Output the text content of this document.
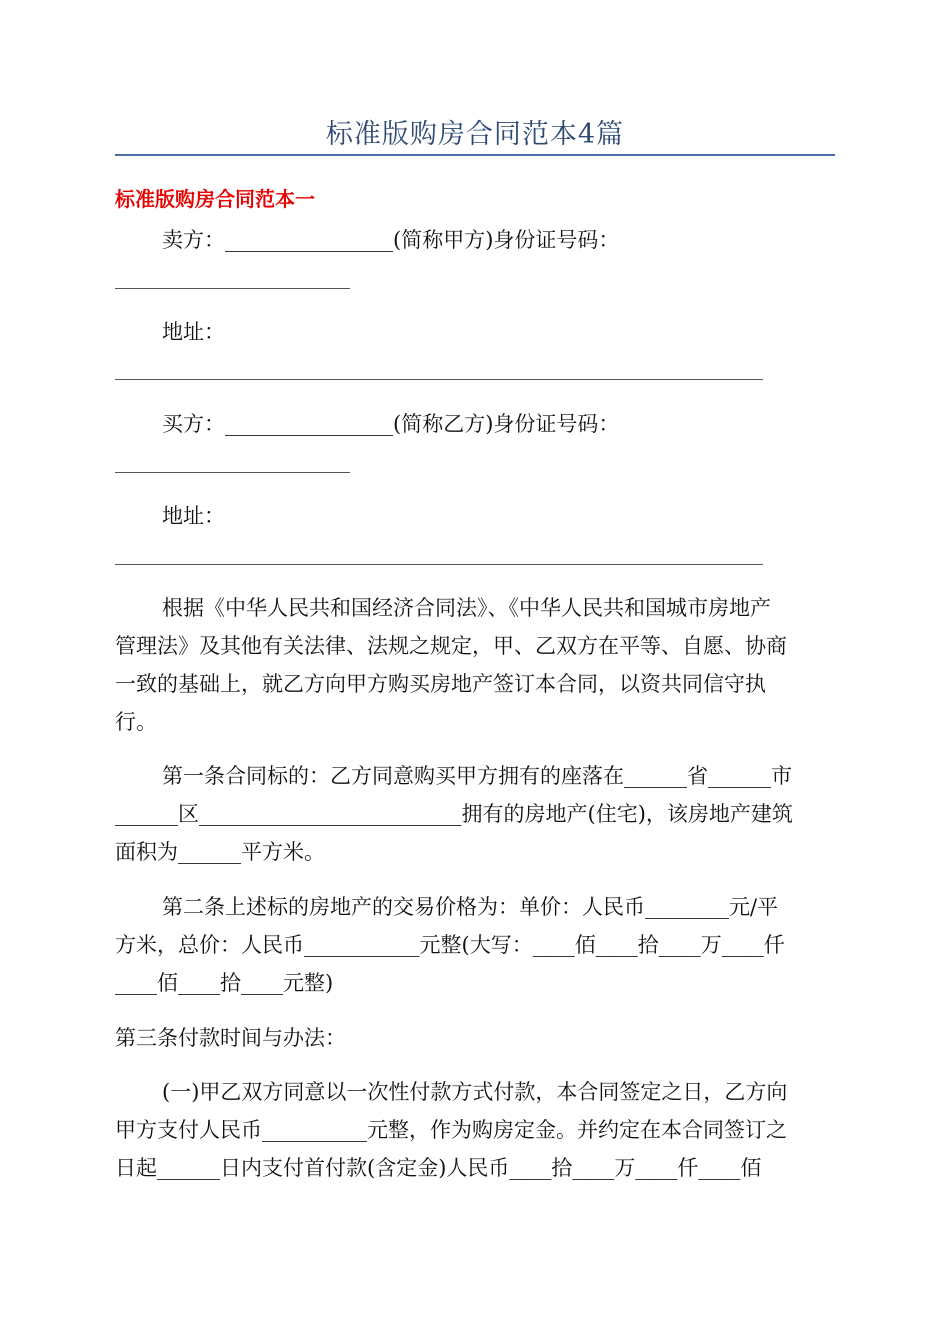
标准版购房合同范本4篇
标准版购房合同范本一
卖方：________________(简称甲方)身份证号码：
地址：
买方：________________(简称乙方)身份证号码：
地址：
根据《中华人民共和国经济合同法》、《中华人民共和国城市房地产
管理法》及其他有关法律、法规之规定，甲、乙双方在平等、自愿、协商
一致的基础上，就乙方向甲方购买房地产签订本合同，以资共同信守执
行。
第一条合同标的：乙方同意购买甲方拥有的座落在______省______市
______区_________________________拥有的房地产(住宅)，该房地产建筑
面积为______平方米。
第二条上述标的房地产的交易价格为：单价：人民币________元/平
方米，总价：人民币___________元整(大写：____佰____拾____万____仟
____佰____拾____元整)
第三条付款时间与办法：
(一)甲乙双方同意以一次性付款方式付款，本合同签定之日，乙方向
甲方支付人民币__________元整，作为购房定金。并约定在本合同签订之
日起______日内支付首付款(含定金)人民币____拾____万____仟____佰
